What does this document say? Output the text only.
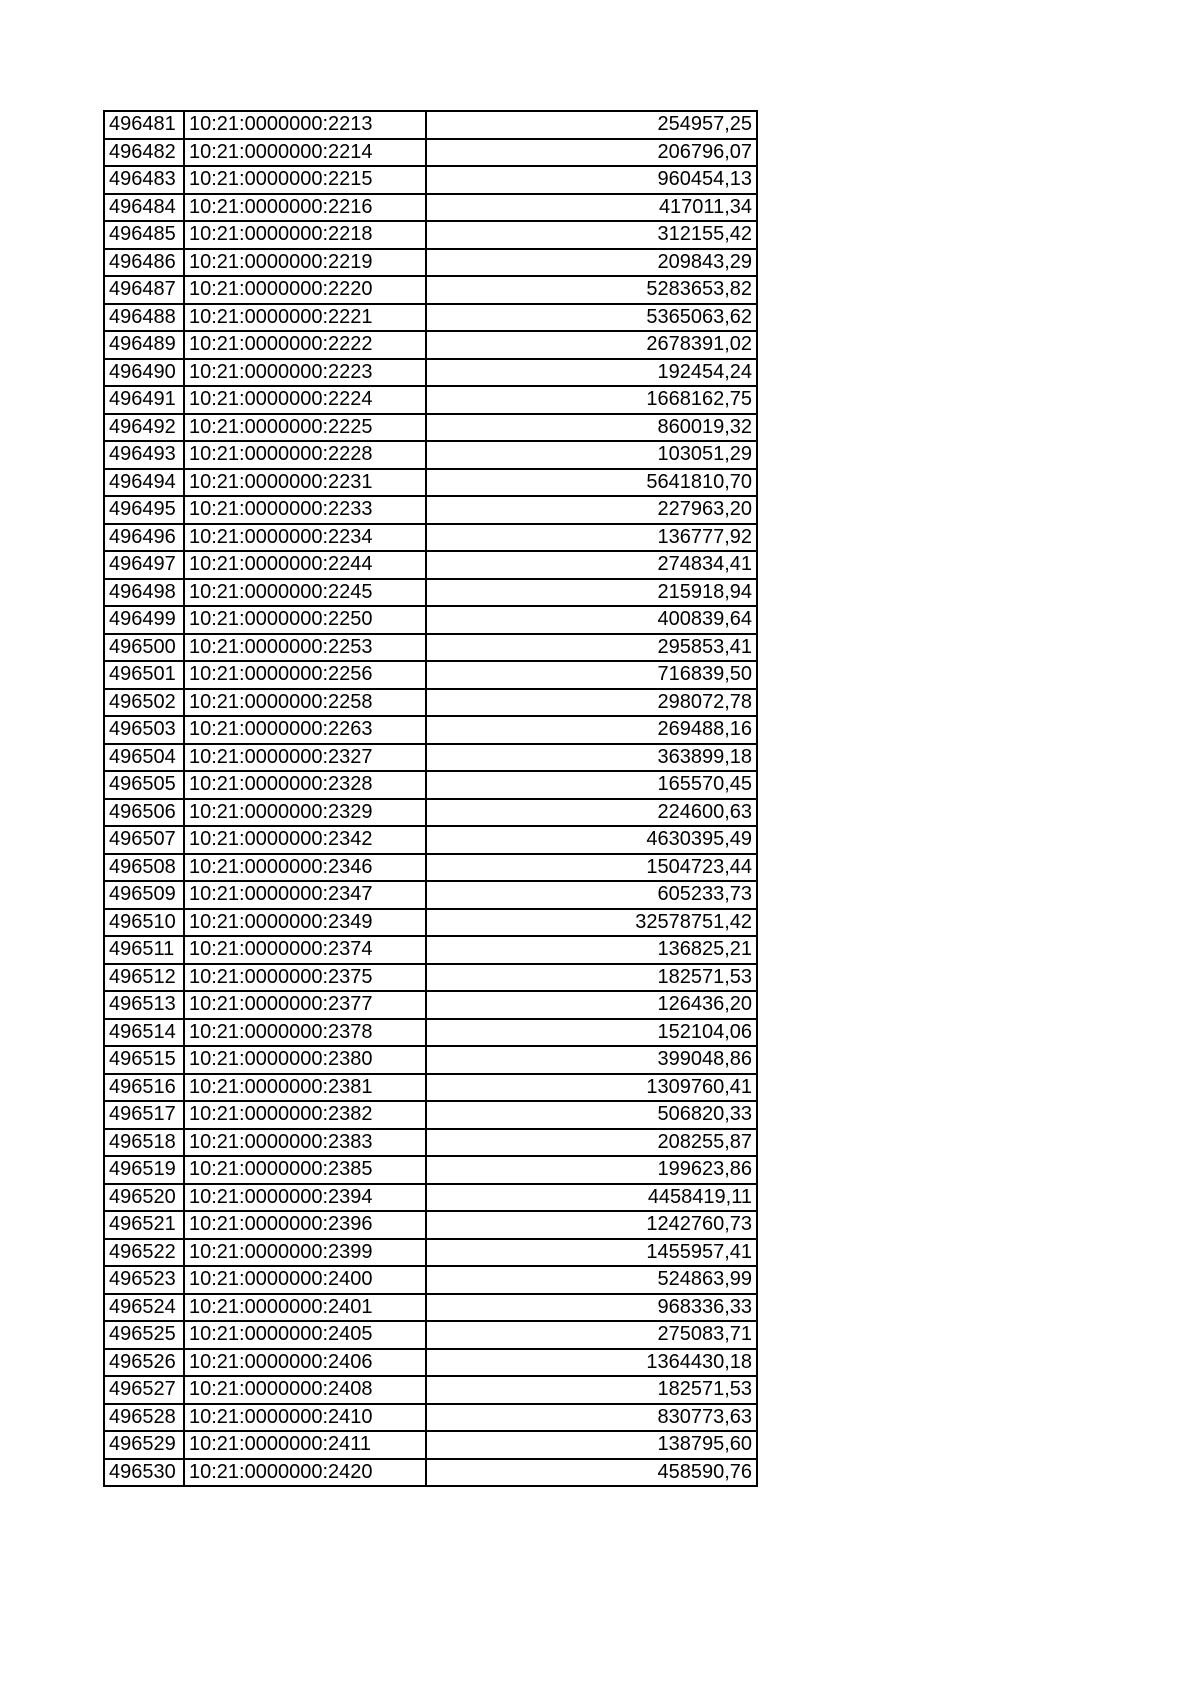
496481	10:21:0000000:2213	254957,25
496482	10:21:0000000:2214	206796,07
496483	10:21:0000000:2215	960454,13
496484	10:21:0000000:2216	417011,34
496485	10:21:0000000:2218	312155,42
496486	10:21:0000000:2219	209843,29
496487	10:21:0000000:2220	5283653,82
496488	10:21:0000000:2221	5365063,62
496489	10:21:0000000:2222	2678391,02
496490	10:21:0000000:2223	192454,24
496491	10:21:0000000:2224	1668162,75
496492	10:21:0000000:2225	860019,32
496493	10:21:0000000:2228	103051,29
496494	10:21:0000000:2231	5641810,70
496495	10:21:0000000:2233	227963,20
496496	10:21:0000000:2234	136777,92
496497	10:21:0000000:2244	274834,41
496498	10:21:0000000:2245	215918,94
496499	10:21:0000000:2250	400839,64
496500	10:21:0000000:2253	295853,41
496501	10:21:0000000:2256	716839,50
496502	10:21:0000000:2258	298072,78
496503	10:21:0000000:2263	269488,16
496504	10:21:0000000:2327	363899,18
496505	10:21:0000000:2328	165570,45
496506	10:21:0000000:2329	224600,63
496507	10:21:0000000:2342	4630395,49
496508	10:21:0000000:2346	1504723,44
496509	10:21:0000000:2347	605233,73
496510	10:21:0000000:2349	32578751,42
496511	10:21:0000000:2374	136825,21
496512	10:21:0000000:2375	182571,53
496513	10:21:0000000:2377	126436,20
496514	10:21:0000000:2378	152104,06
496515	10:21:0000000:2380	399048,86
496516	10:21:0000000:2381	1309760,41
496517	10:21:0000000:2382	506820,33
496518	10:21:0000000:2383	208255,87
496519	10:21:0000000:2385	199623,86
496520	10:21:0000000:2394	4458419,11
496521	10:21:0000000:2396	1242760,73
496522	10:21:0000000:2399	1455957,41
496523	10:21:0000000:2400	524863,99
496524	10:21:0000000:2401	968336,33
496525	10:21:0000000:2405	275083,71
496526	10:21:0000000:2406	1364430,18
496527	10:21:0000000:2408	182571,53
496528	10:21:0000000:2410	830773,63
496529	10:21:0000000:2411	138795,60
496530	10:21:0000000:2420	458590,76
